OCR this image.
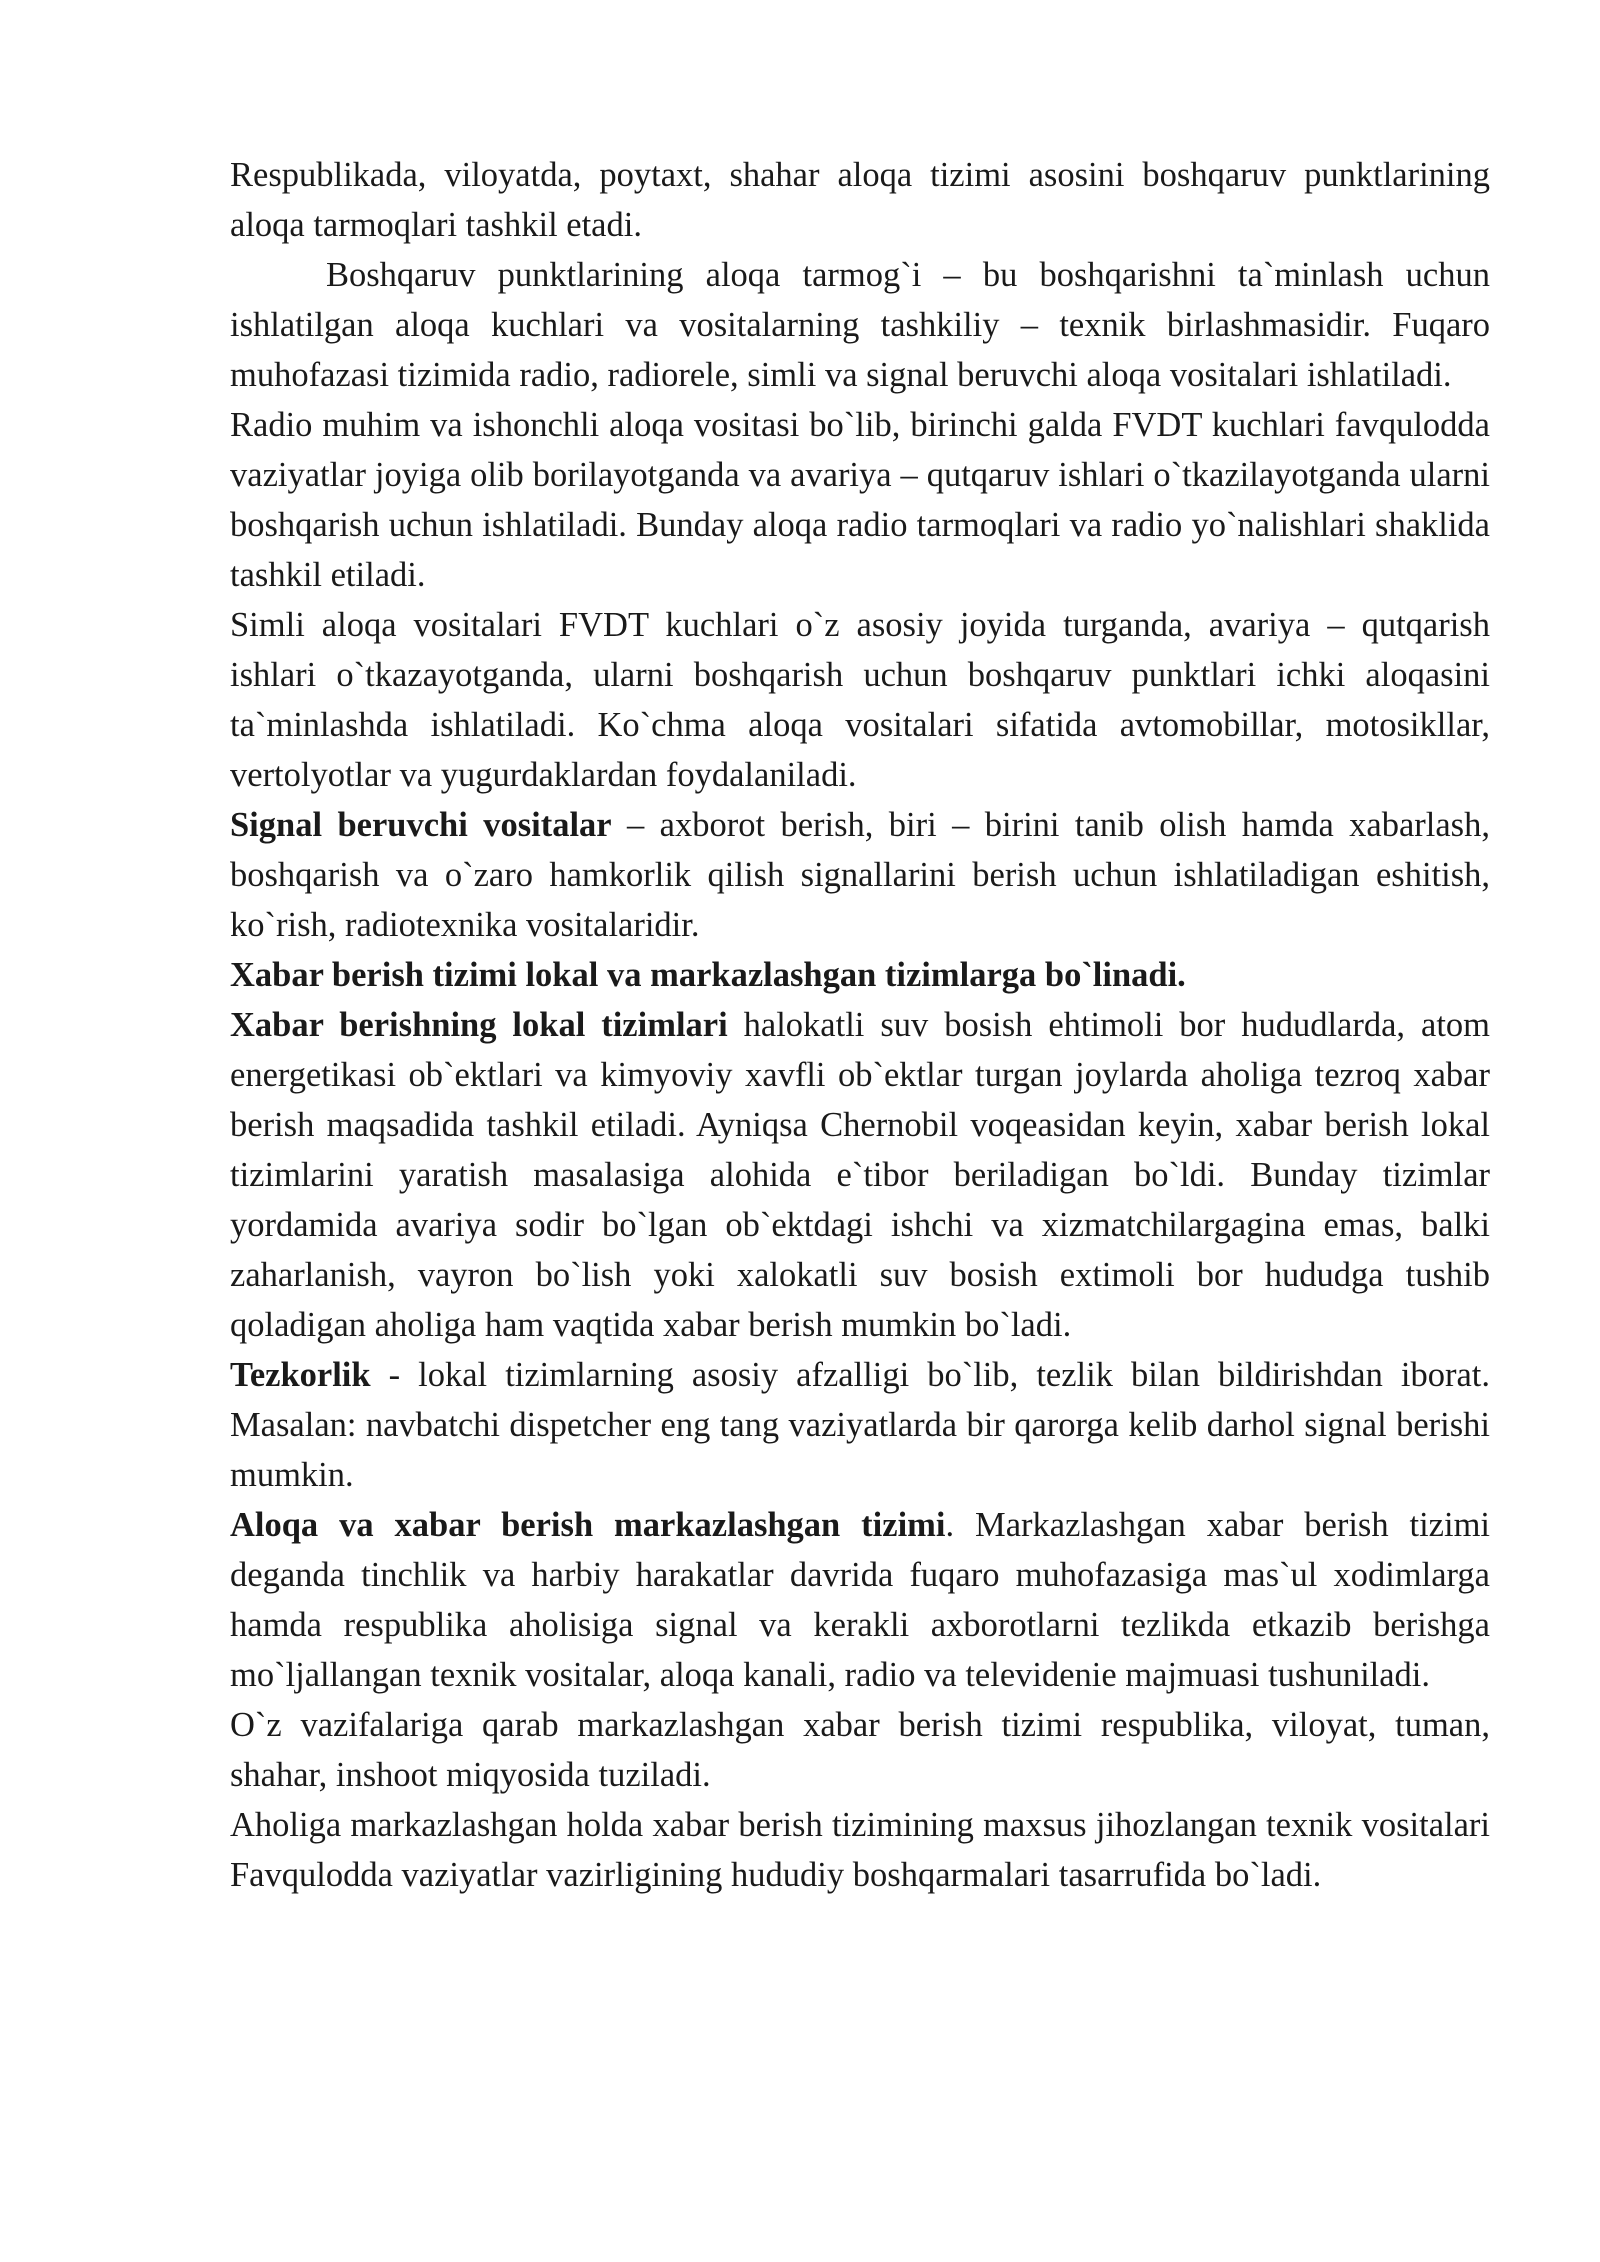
Respublikada, viloyatda, poytaxt, shahar aloqa tizimi asosini boshqaruv punktlarining aloqa tarmoqlari tashkil etadi.

Boshqaruv punktlarining aloqa tarmog`i – bu boshqarishni ta`minlash uchun ishlatilgan aloqa kuchlari va vositalarning tashkiliy – texnik birlashmasidir. Fuqaro muhofazasi tizimida radio, radiorele, simli va signal beruvchi aloqa vositalari ishlatiladi.

Radio muhim va ishonchli aloqa vositasi bo`lib, birinchi galda FVDT kuchlari favqulodda vaziyatlar joyiga olib borilayotganda va avariya – qutqaruv ishlari o`tkazilayotganda ularni boshqarish uchun ishlatiladi. Bunday aloqa radio tarmoqlari va radio yo`nalishlari shaklida tashkil etiladi.

Simli aloqa vositalari FVDT kuchlari o`z asosiy joyida turganda, avariya – qutqarish ishlari o`tkazayotganda, ularni boshqarish uchun boshqaruv punktlari ichki aloqasini ta`minlashda ishlatiladi. Ko`chma aloqa vositalari sifatida avtomobillar, motosikllar, vertolyotlar va yugurdaklardan foydalaniladi.

Signal beruvchi vositalar – axborot berish, biri – birini tanib olish hamda xabarlash, boshqarish va o`zaro hamkorlik qilish signallarini berish uchun ishlatiladigan eshitish, ko`rish, radiotexnika vositalaridir.

Xabar berish tizimi lokal va markazlashgan tizimlarga bo`linadi.

Xabar berishning lokal tizimlari halokatli suv bosish ehtimoli bor hududlarda, atom energetikasi ob`ektlari va kimyoviy xavfli ob`ektlar turgan joylarda aholiga tezroq xabar berish maqsadida tashkil etiladi. Ayniqsa Chernobil voqeasidan keyin, xabar berish lokal tizimlarini yaratish masalasiga alohida e`tibor beriladigan bo`ldi. Bunday tizimlar yordamida avariya sodir bo`lgan ob`ektdagi ishchi va xizmatchilargagina emas, balki zaharlanish, vayron bo`lish yoki xalokatli suv bosish extimoli bor hududga tushib qoladigan aholiga ham vaqtida xabar berish mumkin bo`ladi.

Tezkorlik - lokal tizimlarning asosiy afzalligi bo`lib, tezlik bilan bildirishdan iborat. Masalan: navbatchi dispetcher eng tang vaziyatlarda bir qarorga kelib darhol signal berishi mumkin.

Aloqa va xabar berish markazlashgan tizimi. Markazlashgan xabar berish tizimi deganda tinchlik va harbiy harakatlar davrida fuqaro muhofazasiga mas`ul xodimlarga hamda respublika aholisiga signal va kerakli axborotlarni tezlikda etkazib berishga mo`ljallangan texnik vositalar, aloqa kanali, radio va televidenie majmuasi tushuniladi.

O`z vazifalariga qarab markazlashgan xabar berish tizimi respublika, viloyat, tuman, shahar, inshoot miqyosida tuziladi.

Aholiga markazlashgan holda xabar berish tizimining maxsus jihozlangan texnik vositalari Favqulodda vaziyatlar vazirligining hududiy boshqarmalari tasarrufida bo`ladi.
